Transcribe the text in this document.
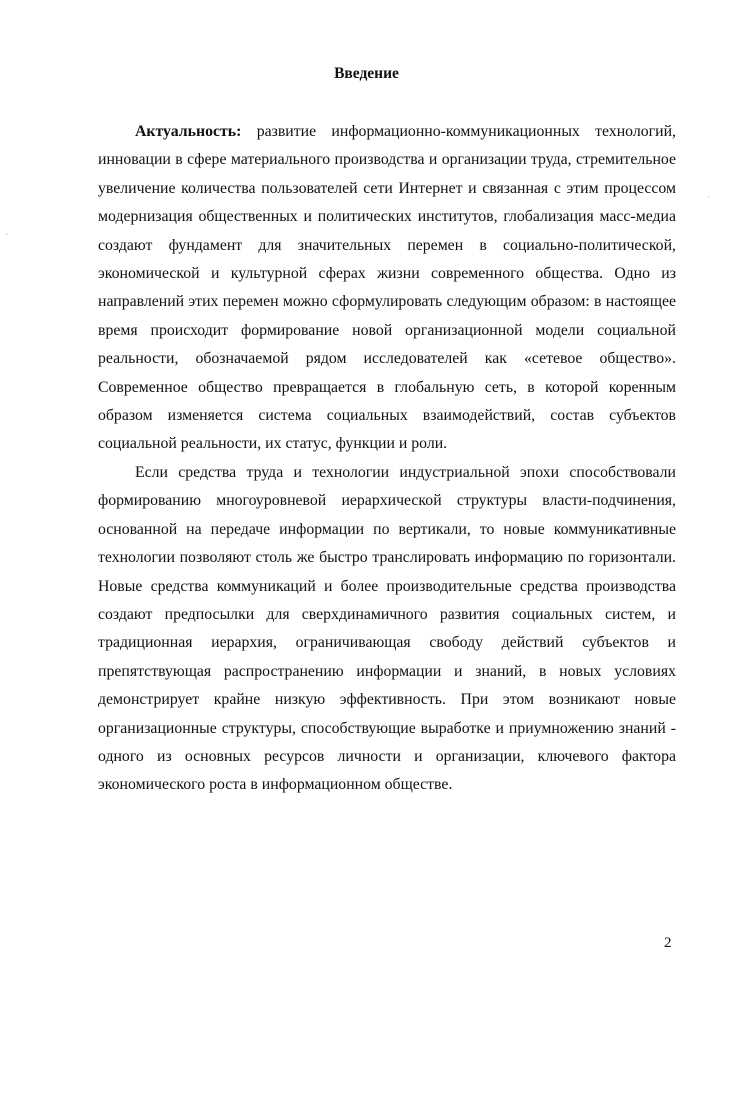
Введение

Актуальность: развитие информационно-коммуникационных технологий, инновации в сфере материального производства и организации труда, стремительное увеличение количества пользователей сети Интернет и связанная с этим процессом модернизация общественных и политических институтов, глобализация масс-медиа создают фундамент для значительных перемен в социально-политической, экономической и культурной сферах жизни современного общества. Одно из направлений этих перемен можно сформулировать следующим образом: в настоящее время происходит формирование новой организационной модели социальной реальности, обозначаемой рядом исследователей как «сетевое общество». Современное общество превращается в глобальную сеть, в которой коренным образом изменяется система социальных взаимодействий, состав субъектов социальной реальности, их статус, функции и роли.

Если средства труда и технологии индустриальной эпохи способствовали формированию многоуровневой иерархической структуры власти-подчинения, основанной на передаче информации по вертикали, то новые коммуникативные технологии позволяют столь же быстро транслировать информацию по горизонтали. Новые средства коммуникаций и более производительные средства производства создают предпосылки для сверхдинамичного развития социальных систем, и традиционная иерархия, ограничивающая свободу действий субъектов и препятствующая распространению информации и знаний, в новых условиях демонстрирует крайне низкую эффективность. При этом возникают новые организационные структуры, способствующие выработке и приумножению знаний - одного из основных ресурсов личности и организации, ключевого фактора экономического роста в информационном обществе.

2
ˊ
ˈ
